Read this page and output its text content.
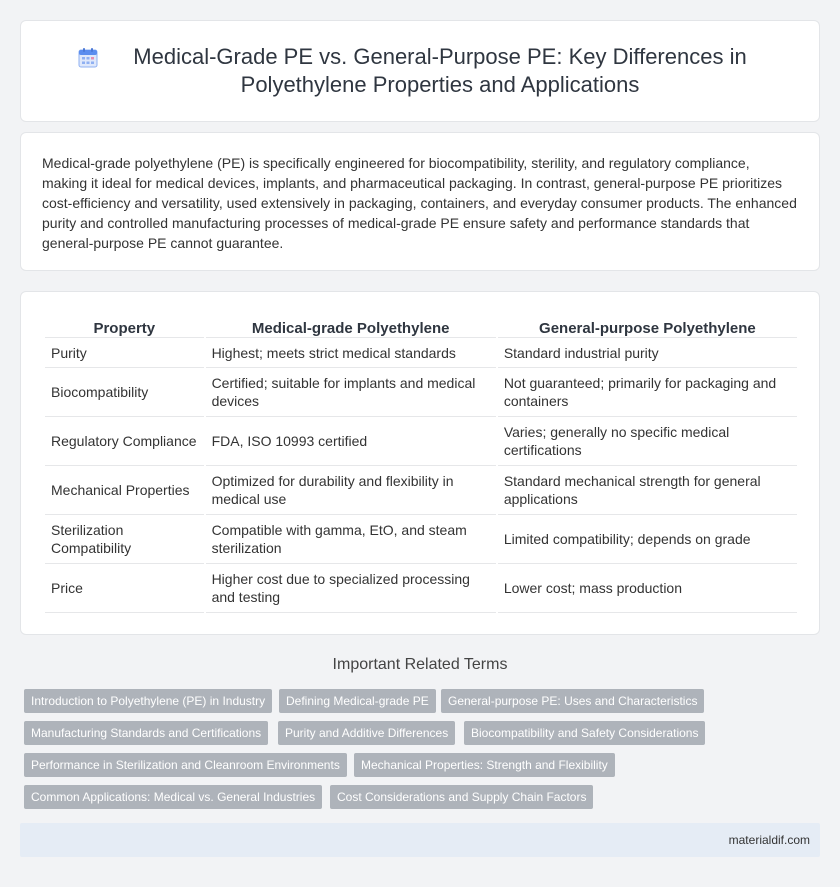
Medical-Grade PE vs. General-Purpose PE: Key Differences in Polyethylene Properties and Applications

Medical-grade polyethylene (PE) is specifically engineered for biocompatibility, sterility, and regulatory compliance, making it ideal for medical devices, implants, and pharmaceutical packaging. In contrast, general-purpose PE prioritizes cost-efficiency and versatility, used extensively in packaging, containers, and everyday consumer products. The enhanced purity and controlled manufacturing processes of medical-grade PE ensure safety and performance standards that general-purpose PE cannot guarantee.

Property	Medical-grade Polyethylene	General-purpose Polyethylene
Purity	Highest; meets strict medical standards	Standard industrial purity
Biocompatibility	Certified; suitable for implants and medical devices	Not guaranteed; primarily for packaging and containers
Regulatory Compliance	FDA, ISO 10993 certified	Varies; generally no specific medical certifications
Mechanical Properties	Optimized for durability and flexibility in medical use	Standard mechanical strength for general applications
Sterilization Compatibility	Compatible with gamma, EtO, and steam sterilization	Limited compatibility; depends on grade
Price	Higher cost due to specialized processing and testing	Lower cost; mass production
Important Related Terms
Introduction to Polyethylene (PE) in Industry	Defining Medical-grade PE	General-purpose PE: Uses and Characteristics
Manufacturing Standards and Certifications	Purity and Additive Differences	Biocompatibility and Safety Considerations
Performance in Sterilization and Cleanroom Environments	Mechanical Properties: Strength and Flexibility
Common Applications: Medical vs. General Industries	Cost Considerations and Supply Chain Factors
materialdif.com
